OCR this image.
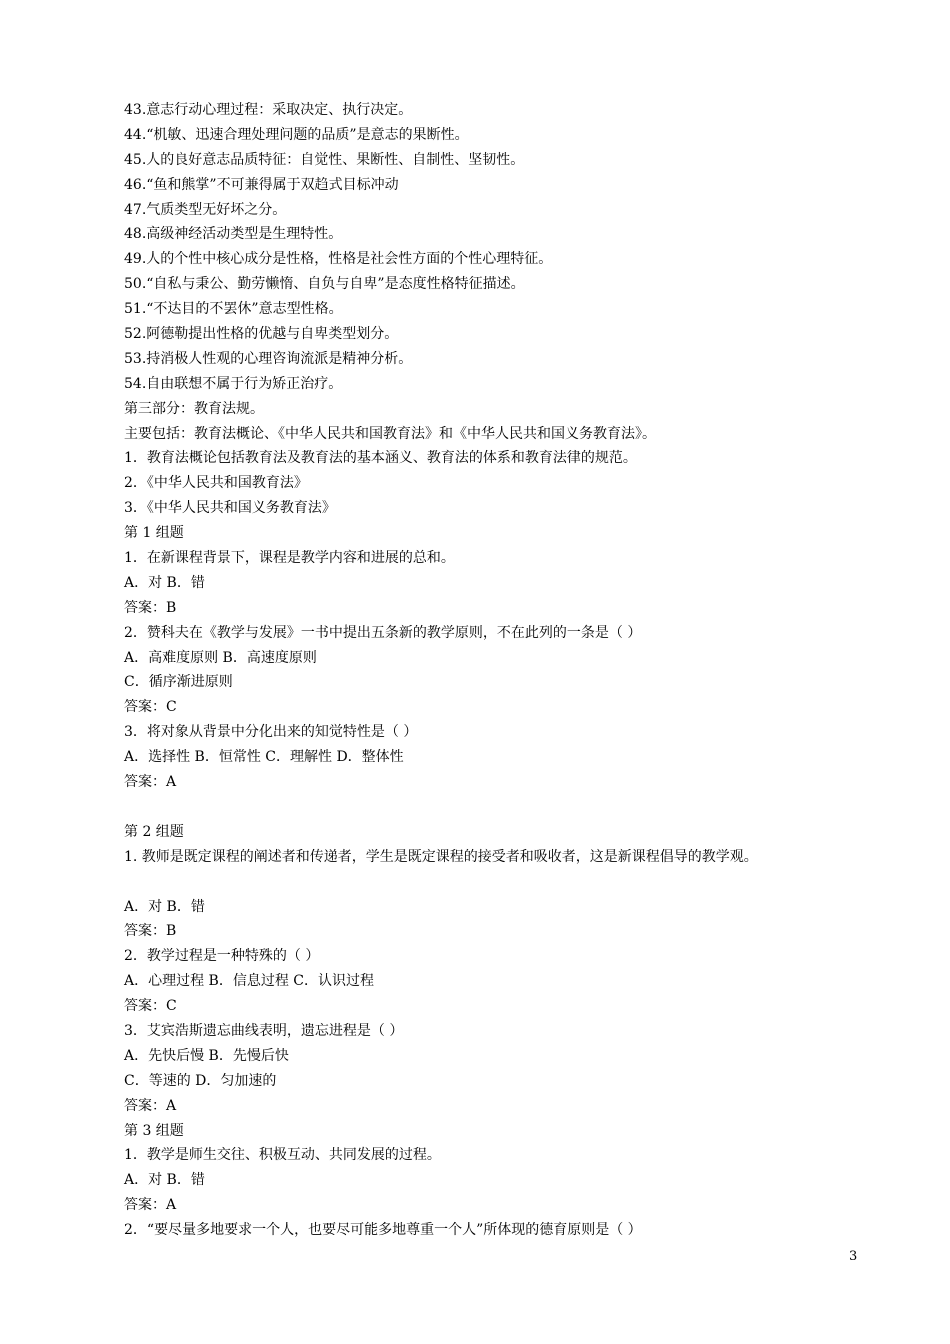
43.意志行动心理过程：采取决定、执行决定。
44.“机敏、迅速合理处理问题的品质”是意志的果断性。
45.人的良好意志品质特征：自觉性、果断性、自制性、坚韧性。
46.“鱼和熊掌”不可兼得属于双趋式目标冲动
47.气质类型无好坏之分。
48.高级神经活动类型是生理特性。
49.人的个性中核心成分是性格，性格是社会性方面的个性心理特征。
50.“自私与秉公、勤劳懒惰、自负与自卑”是态度性格特征描述。
51.“不达目的不罢休”意志型性格。
52.阿德勒提出性格的优越与自卑类型划分。
53.持消极人性观的心理咨询流派是精神分析。
54.自由联想不属于行为矫正治疗。
第三部分：教育法规。
主要包括：教育法概论、《中华人民共和国教育法》和《中华人民共和国义务教育法》。
1．教育法概论包括教育法及教育法的基本涵义、教育法的体系和教育法律的规范。
2．《中华人民共和国教育法》
3．《中华人民共和国义务教育法》
第 1 组题
1．在新课程背景下，课程是教学内容和进展的总和。
A．对 B．错
答案：B
2．赞科夫在《教学与发展》一书中提出五条新的教学原则，不在此列的一条是（ ）
A．高难度原则 B．高速度原则
C．循序渐进原则
答案：C
3．将对象从背景中分化出来的知觉特性是（ ）
A．选择性 B．恒常性 C．理解性 D．整体性
答案：A
第 2 组题
1. 教师是既定课程的阐述者和传递者，学生是既定课程的接受者和吸收者，这是新课程倡导的教学观。
A．对 B．错
答案：B
2．教学过程是一种特殊的（ ）
A．心理过程 B．信息过程 C．认识过程
答案：C
3．艾宾浩斯遗忘曲线表明，遗忘进程是（ ）
A．先快后慢 B．先慢后快
C．等速的 D．匀加速的
答案：A
第 3 组题
1．教学是师生交往、积极互动、共同发展的过程。
A．对 B．错
答案：A
2．“要尽量多地要求一个人，也要尽可能多地尊重一个人”所体现的德育原则是（ ）
3
